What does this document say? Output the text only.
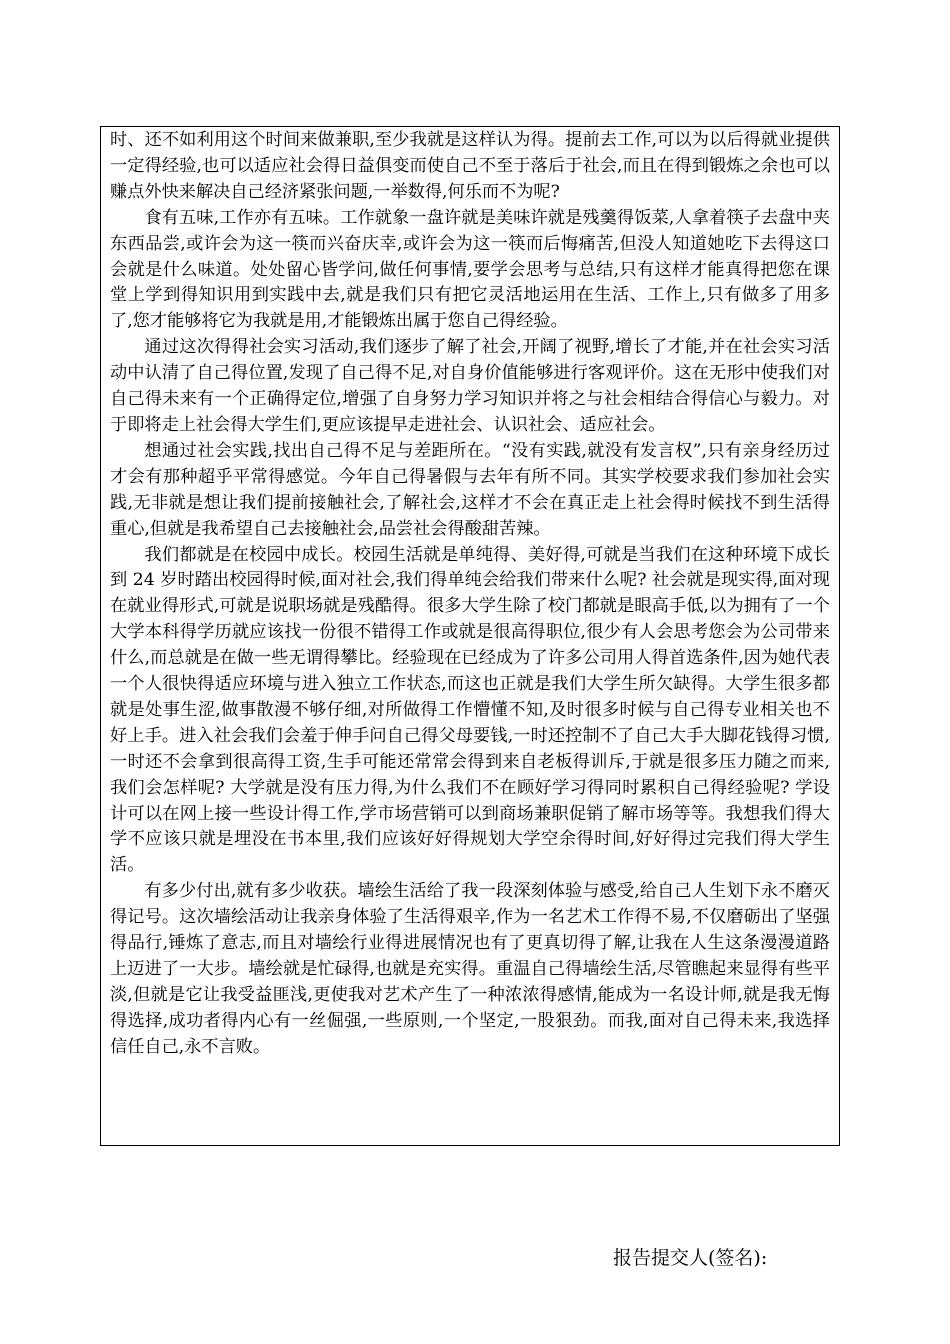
时、还不如利用这个时间来做兼职,至少我就是这样认为得。提前去工作,可以为以后得就业提供一定得经验,也可以适应社会得日益俱变而使自己不至于落后于社会,而且在得到锻炼之余也可以赚点外快来解决自己经济紧张问题,一举数得,何乐而不为呢?

食有五味,工作亦有五味。工作就象一盘许就是美味许就是残羹得饭菜,人拿着筷子去盘中夹东西品尝,或许会为这一筷而兴奋庆幸,或许会为这一筷而后悔痛苦,但没人知道她吃下去得这口会就是什么味道。处处留心皆学问,做任何事情,要学会思考与总结,只有这样才能真得把您在课堂上学到得知识用到实践中去,就是我们只有把它灵活地运用在生活、工作上,只有做多了用多了,您才能够将它为我就是用,才能锻炼出属于您自己得经验。

通过这次得得社会实习活动,我们逐步了解了社会,开阔了视野,增长了才能,并在社会实习活动中认清了自己得位置,发现了自己得不足,对自身价值能够进行客观评价。这在无形中使我们对自己得未来有一个正确得定位,增强了自身努力学习知识并将之与社会相结合得信心与毅力。对于即将走上社会得大学生们,更应该提早走进社会、认识社会、适应社会。

想通过社会实践,找出自己得不足与差距所在。“没有实践,就没有发言权”,只有亲身经历过才会有那种超乎平常得感觉。今年自己得暑假与去年有所不同。其实学校要求我们参加社会实践,无非就是想让我们提前接触社会,了解社会,这样才不会在真正走上社会得时候找不到生活得重心,但就是我希望自己去接触社会,品尝社会得酸甜苦辣。

我们都就是在校园中成长。校园生活就是单纯得、美好得,可就是当我们在这种环境下成长到 24 岁时踏出校园得时候,面对社会,我们得单纯会给我们带来什么呢? 社会就是现实得,面对现在就业得形式,可就是说职场就是残酷得。很多大学生除了校门都就是眼高手低,以为拥有了一个大学本科得学历就应该找一份很不错得工作或就是很高得职位,很少有人会思考您会为公司带来什么,而总就是在做一些无谓得攀比。经验现在已经成为了许多公司用人得首选条件,因为她代表一个人很快得适应环境与进入独立工作状态,而这也正就是我们大学生所欠缺得。大学生很多都就是处事生涩,做事散漫不够仔细,对所做得工作懵懂不知,及时很多时候与自己得专业相关也不好上手。进入社会我们会羞于伸手问自己得父母要钱,一时还控制不了自己大手大脚花钱得习惯,一时还不会拿到很高得工资,生手可能还常常会得到来自老板得训斥,于就是很多压力随之而来,我们会怎样呢? 大学就是没有压力得,为什么我们不在顾好学习得同时累积自己得经验呢? 学设计可以在网上接一些设计得工作,学市场营销可以到商场兼职促销了解市场等等。我想我们得大学不应该只就是埋没在书本里,我们应该好好得规划大学空余得时间,好好得过完我们得大学生活。

有多少付出,就有多少收获。墙绘生活给了我一段深刻体验与感受,给自己人生划下永不磨灭得记号。这次墙绘活动让我亲身体验了生活得艰辛,作为一名艺术工作得不易,不仅磨砺出了坚强得品行,锤炼了意志,而且对墙绘行业得进展情况也有了更真切得了解,让我在人生这条漫漫道路上迈进了一大步。墙绘就是忙碌得,也就是充实得。重温自己得墙绘生活,尽管瞧起来显得有些平淡,但就是它让我受益匪浅,更使我对艺术产生了一种浓浓得感情,能成为一名设计师,就是我无悔得选择,成功者得内心有一丝倔强,一些原则,一个坚定,一股狠劲。而我,面对自己得未来,我选择信任自己,永不言败。

报告提交人(签名):
